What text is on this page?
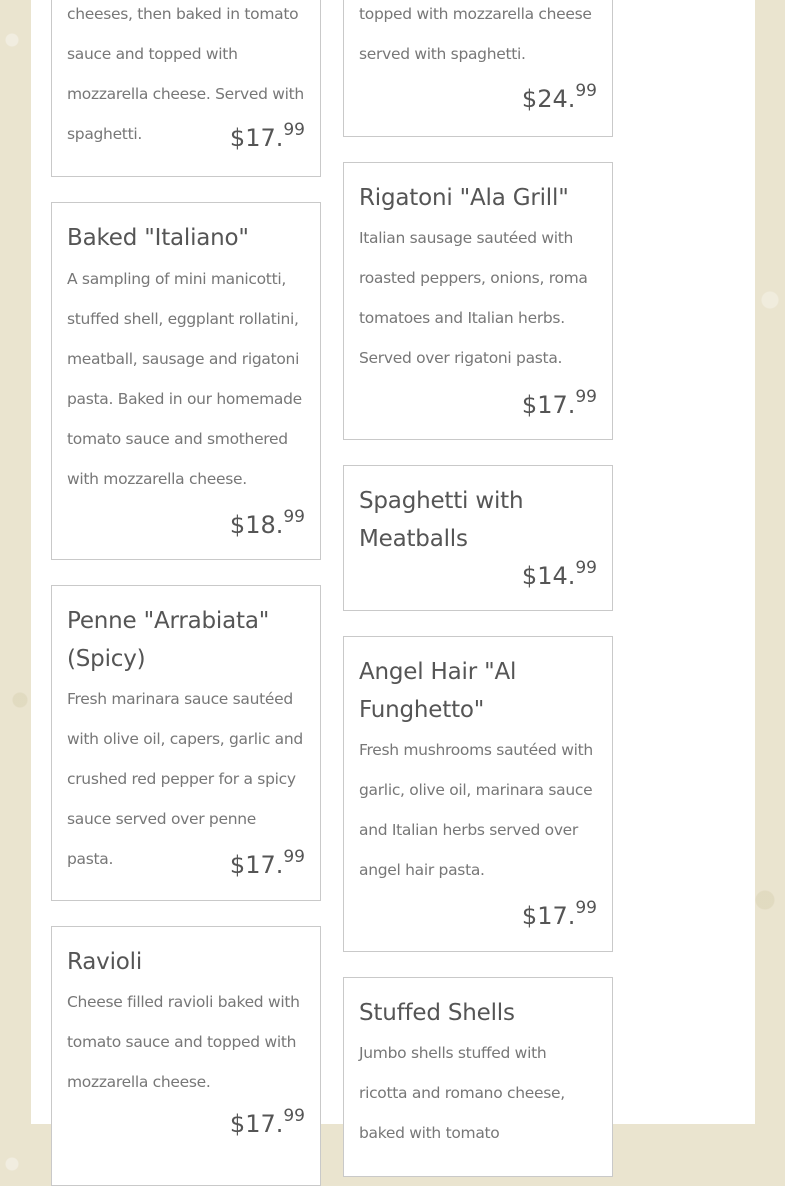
cheeses, then baked in tomato sauce and topped with mozzarella cheese. Served with spaghetti.	$17.99
Baked "Italiano"

A sampling of mini manicotti, stuffed shell, eggplant rollatini, meatball, sausage and rigatoni pasta. Baked in our homemade tomato sauce and smothered with mozzarella cheese.

$18.99
Penne "Arrabiata" (Spicy)

Fresh marinara sauce sautéed with olive oil, capers, garlic and crushed red pepper for a spicy sauce served over penne pasta.	$17.99
Ravioli

Cheese filled ravioli baked with tomato sauce and topped with mozzarella cheese.

$17.99

topped with mozzarella cheese served with spaghetti.

$24.99
Rigatoni "Ala Grill"

Italian sausage sautéed with roasted peppers, onions, roma tomatoes and Italian herbs. Served over rigatoni pasta.

$17.99
Spaghetti with Meatballs
$14.99
Angel Hair "Al Funghetto"

Fresh mushrooms sautéed with garlic, olive oil, marinara sauce and Italian herbs served over angel hair pasta.

$17.99
Stuffed Shells

Jumbo shells stuffed with ricotta and romano cheese, baked with tomato
